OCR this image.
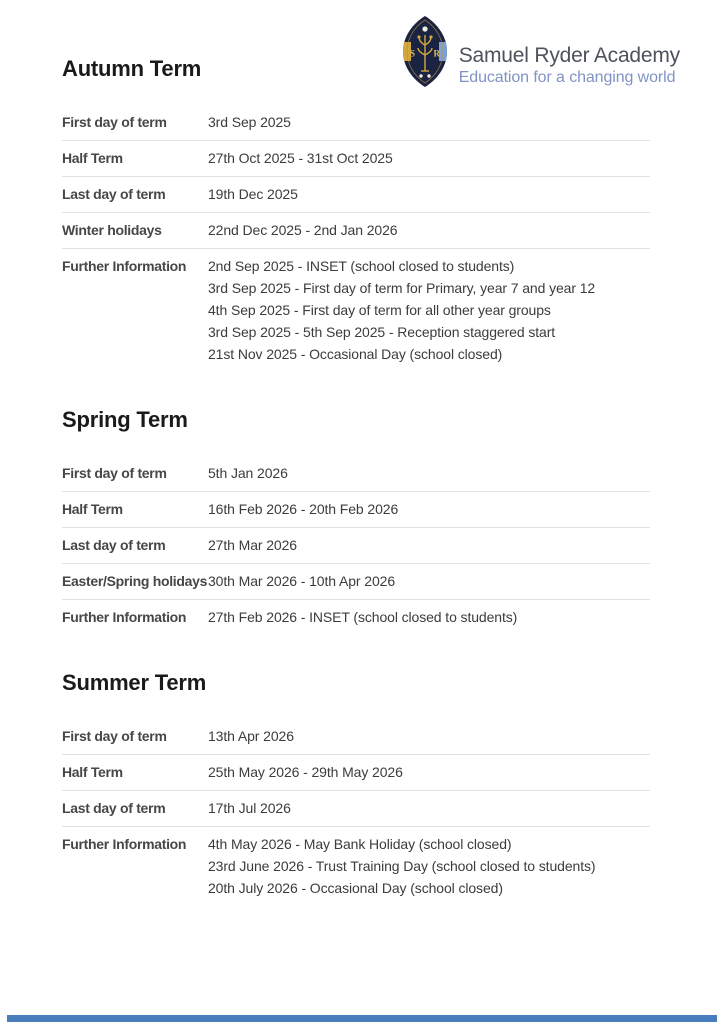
S R Samuel Ryder Academy
Education for a changing world
Autumn Term
First day of term	3rd Sep 2025
Half Term	27th Oct 2025 - 31st Oct 2025
Last day of term	19th Dec 2025
Winter holidays	22nd Dec 2025 - 2nd Jan 2026
Further Information	2nd Sep 2025 - INSET (school closed to students)
3rd Sep 2025 - First day of term for Primary, year 7 and year 12
4th Sep 2025 - First day of term for all other year groups
3rd Sep 2025 - 5th Sep 2025 - Reception staggered start
21st Nov 2025 - Occasional Day (school closed)
Spring Term
First day of term	5th Jan 2026
Half Term	16th Feb 2026 - 20th Feb 2026
Last day of term	27th Mar 2026
Easter/Spring holidays 30th Mar 2026 - 10th Apr 2026
Further Information	27th Feb 2026 - INSET (school closed to students)
Summer Term
First day of term	13th Apr 2026
Half Term	25th May 2026 - 29th May 2026
Last day of term	17th Jul 2026
Further Information	4th May 2026 - May Bank Holiday (school closed)
23rd June 2026 - Trust Training Day (school closed to students)
20th July 2026 - Occasional Day (school closed)
